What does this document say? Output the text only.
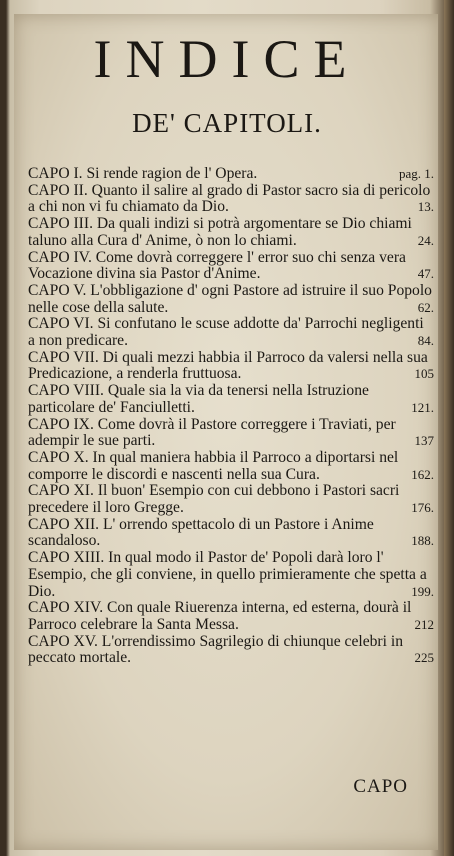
INDICE
DE' CAPITOLI.

CAPO I. Si rende ragion de l' Opera.	pag. 1.

CAPO II. Quanto il salire al grado di Pastor sacro sia di pericolo a chi non vi fu chiamato da Dio.	13.

CAPO III. Da quali indizi si potrà argomentare se Dio chiami taluno alla Cura d' Anime, ò non lo chiami.	24.

CAPO IV. Come dovrà correggere l' error suo chi senza vera Vocazione divina sia Pastor d'Anime.	47.

CAPO V. L'obbligazione d' ogni Pastore ad istruire il suo Popolo nelle cose della salute.	62.

CAPO VI. Si confutano le scuse addotte da' Parrochi negligenti a non predicare.	84.

CAPO VII. Di quali mezzi habbia il Parroco da valersi nella sua Predicazione, a renderla fruttuosa.	105

CAPO VIII. Quale sia la via da tenersi nella Istruzione particolare de' Fanciulletti.	121.

CAPO IX. Come dovrà il Pastore correggere i Traviati, per adempir le sue parti.	137

CAPO X. In qual maniera habbia il Parroco a diportarsi nel comporre le discordi e nascenti nella sua Cura.	162.

CAPO XI. Il buon' Esempio con cui debbono i Pastori sacri precedere il loro Gregge.	176.

CAPO XII. L' orrendo spettacolo di un Pastore i Anime scandaloso.	188.

CAPO XIII. In qual modo il Pastor de' Popoli darà loro l' Esempio, che gli conviene, in quello primieramente che spetta a Dio.	199.

CAPO XIV. Con quale Riuerenza interna, ed esterna, dourà il Parroco celebrare la Santa Messa.	212

CAPO XV. L'orrendissimo Sagrilegio di chiunque celebri in peccato mortale.	225

CAPO
